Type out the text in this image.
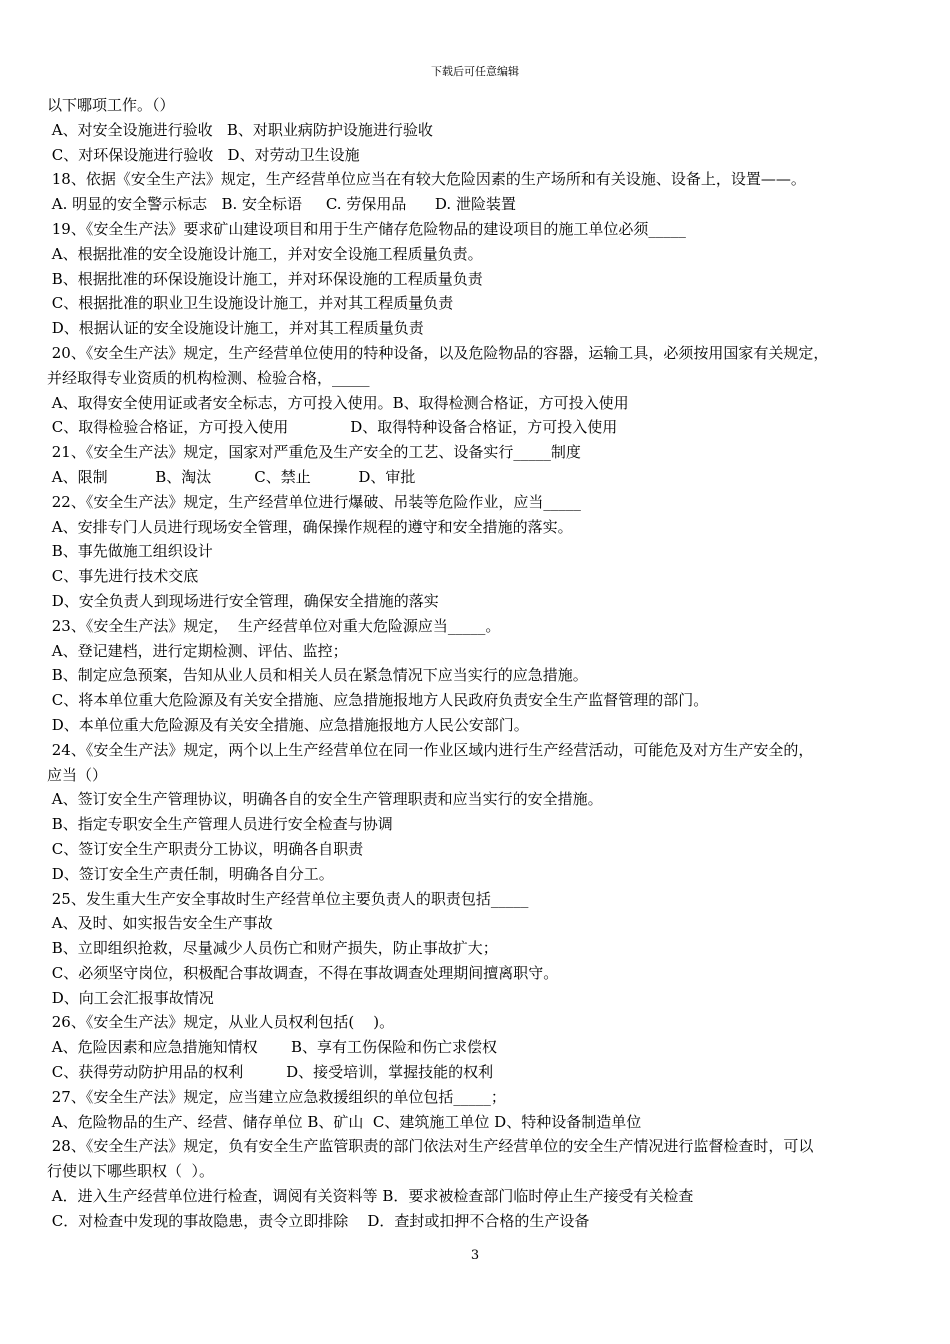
下载后可任意编辑
以下哪项工作。（）
A、对安全设施进行验收   B、对职业病防护设施进行验收
C、对环保设施进行验收   D、对劳动卫生设施
18、依据《安全生产法》规定，生产经营单位应当在有较大危险因素的生产场所和有关设施、设备上，设置——。
A. 明显的安全警示标志   B. 安全标语     C. 劳保用品      D. 泄险装置
19、《安全生产法》要求矿山建设项目和用于生产储存危险物品的建设项目的施工单位必须_____
A、根据批准的安全设施设计施工，并对安全设施工程质量负责。
B、根据批准的环保设施设计施工，并对环保设施的工程质量负责
C、根据批准的职业卫生设施设计施工，并对其工程质量负责
D、根据认证的安全设施设计施工，并对其工程质量负责
20、《安全生产法》规定，生产经营单位使用的特种设备，以及危险物品的容器，运输工具，必须按用国家有关规定，
并经取得专业资质的机构检测、检验合格，_____
A、取得安全使用证或者安全标志，方可投入使用。B、取得检测合格证，方可投入使用
C、取得检验合格证，方可投入使用             D、取得特种设备合格证，方可投入使用
21、《安全生产法》规定，国家对严重危及生产安全的工艺、设备实行_____制度
A、限制          B、淘汰         C、禁止          D、审批
22、《安全生产法》规定，生产经营单位进行爆破、吊装等危险作业，应当_____
A、安排专门人员进行现场安全管理，确保操作规程的遵守和安全措施的落实。
B、事先做施工组织设计
C、事先进行技术交底
D、安全负责人到现场进行安全管理，确保安全措施的落实
23、《安全生产法》规定，  生产经营单位对重大危险源应当_____。
A、登记建档，进行定期检测、评估、监控；
B、制定应急预案，告知从业人员和相关人员在紧急情况下应当实行的应急措施。
C、将本单位重大危险源及有关安全措施、应急措施报地方人民政府负责安全生产监督管理的部门。
D、本单位重大危险源及有关安全措施、应急措施报地方人民公安部门。
24、《安全生产法》规定，两个以上生产经营单位在同一作业区域内进行生产经营活动，可能危及对方生产安全的，
应当（）
A、签订安全生产管理协议，明确各自的安全生产管理职责和应当实行的安全措施。
B、指定专职安全生产管理人员进行安全检查与协调
C、签订安全生产职责分工协议，明确各自职责
D、签订安全生产责任制，明确各自分工。
25、发生重大生产安全事故时生产经营单位主要负责人的职责包括_____
A、及时、如实报告安全生产事故
B、立即组织抢救，尽量减少人员伤亡和财产损失，防止事故扩大；
C、必须坚守岗位，积极配合事故调查，不得在事故调查处理期间擅离职守。
D、向工会汇报事故情况
26、《安全生产法》规定，从业人员权利包括(    )。
A、危险因素和应急措施知情权       B、享有工伤保险和伤亡求偿权
C、获得劳动防护用品的权利         D、接受培训，掌握技能的权利
27、《安全生产法》规定，应当建立应急救援组织的单位包括_____；
A、危险物品的生产、经营、储存单位 B、矿山  C、建筑施工单位 D、特种设备制造单位
28、《安全生产法》规定，负有安全生产监管职责的部门依法对生产经营单位的安全生产情况进行监督检查时，可以
行使以下哪些职权（  ）。
A．进入生产经营单位进行检查，调阅有关资料等 B．要求被检查部门临时停止生产接受有关检查
C．对检查中发现的事故隐患，责令立即排除    D．查封或扣押不合格的生产设备
3
